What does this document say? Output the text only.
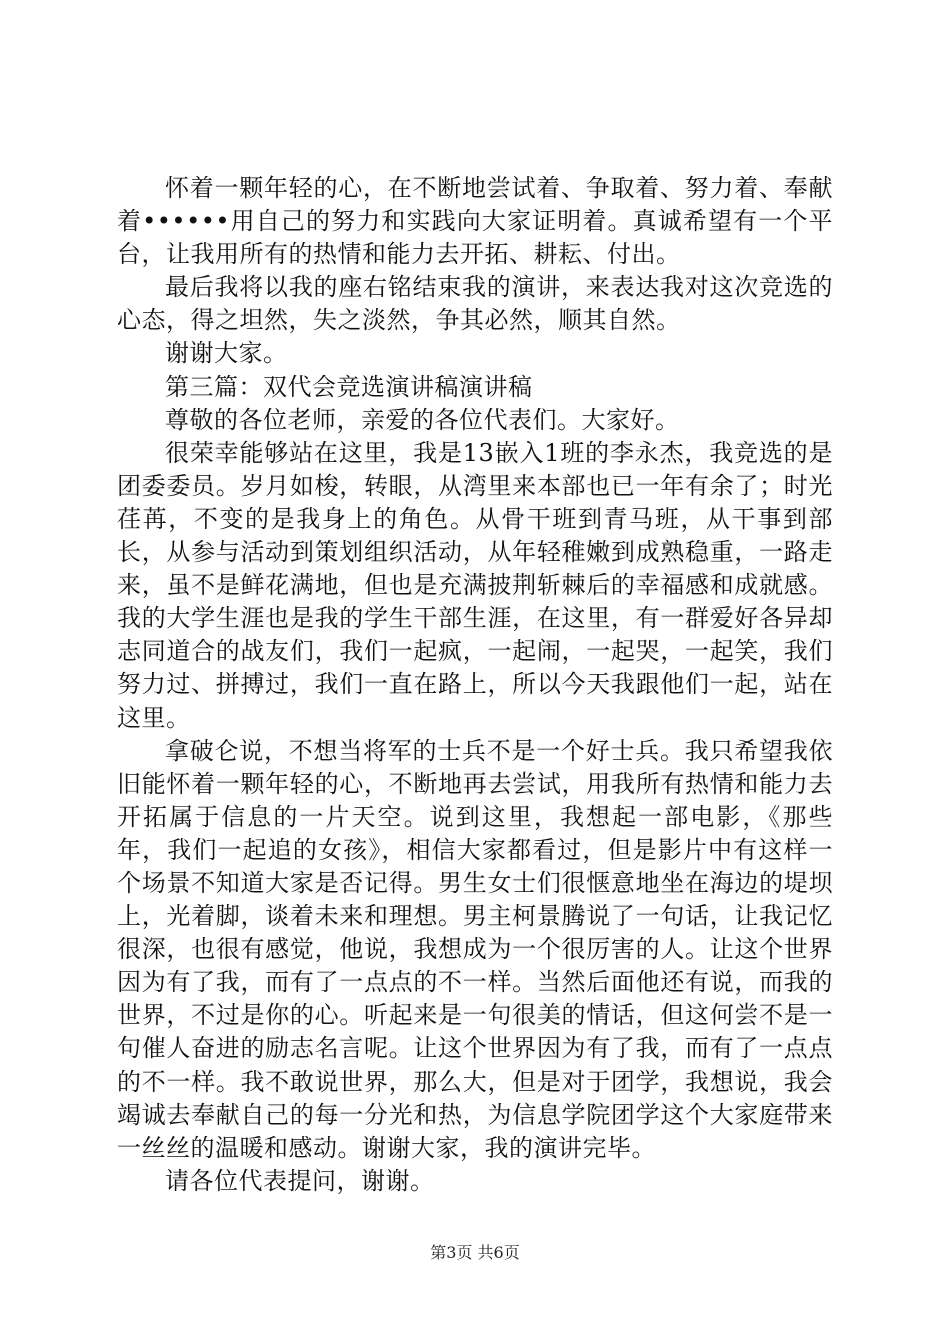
怀着一颗年轻的心，在不断地尝试着、争取着、努力着、奉献着••••••用自己的努力和实践向大家证明着。真诚希望有一个平台，让我用所有的热情和能力去开拓、耕耘、付出。

最后我将以我的座右铭结束我的演讲，来表达我对这次竞选的心态，得之坦然，失之淡然，争其必然，顺其自然。

谢谢大家。

第三篇：双代会竞选演讲稿演讲稿

尊敬的各位老师，亲爱的各位代表们。大家好。

很荣幸能够站在这里，我是13嵌入1班的李永杰，我竞选的是团委委员。岁月如梭，转眼，从湾里来本部也已一年有余了；时光荏苒，不变的是我身上的角色。从骨干班到青马班，从干事到部长，从参与活动到策划组织活动，从年轻稚嫩到成熟稳重，一路走来，虽不是鲜花满地，但也是充满披荆斩棘后的幸福感和成就感。我的大学生涯也是我的学生干部生涯，在这里，有一群爱好各异却志同道合的战友们，我们一起疯，一起闹，一起哭，一起笑，我们努力过、拼搏过，我们一直在路上，所以今天我跟他们一起，站在这里。

拿破仑说，不想当将军的士兵不是一个好士兵。我只希望我依旧能怀着一颗年轻的心，不断地再去尝试，用我所有热情和能力去开拓属于信息的一片天空。说到这里，我想起一部电影，《那些年，我们一起追的女孩》，相信大家都看过，但是影片中有这样一个场景不知道大家是否记得。男生女士们很惬意地坐在海边的堤坝上，光着脚，谈着未来和理想。男主柯景腾说了一句话，让我记忆很深，也很有感觉，他说，我想成为一个很厉害的人。让这个世界因为有了我，而有了一点点的不一样。当然后面他还有说，而我的世界，不过是你的心。听起来是一句很美的情话，但这何尝不是一句催人奋进的励志名言呢。让这个世界因为有了我，而有了一点点的不一样。我不敢说世界，那么大，但是对于团学，我想说，我会竭诚去奉献自己的每一分光和热，为信息学院团学这个大家庭带来一丝丝的温暖和感动。谢谢大家，我的演讲完毕。

请各位代表提问，谢谢。

第3页 共6页
